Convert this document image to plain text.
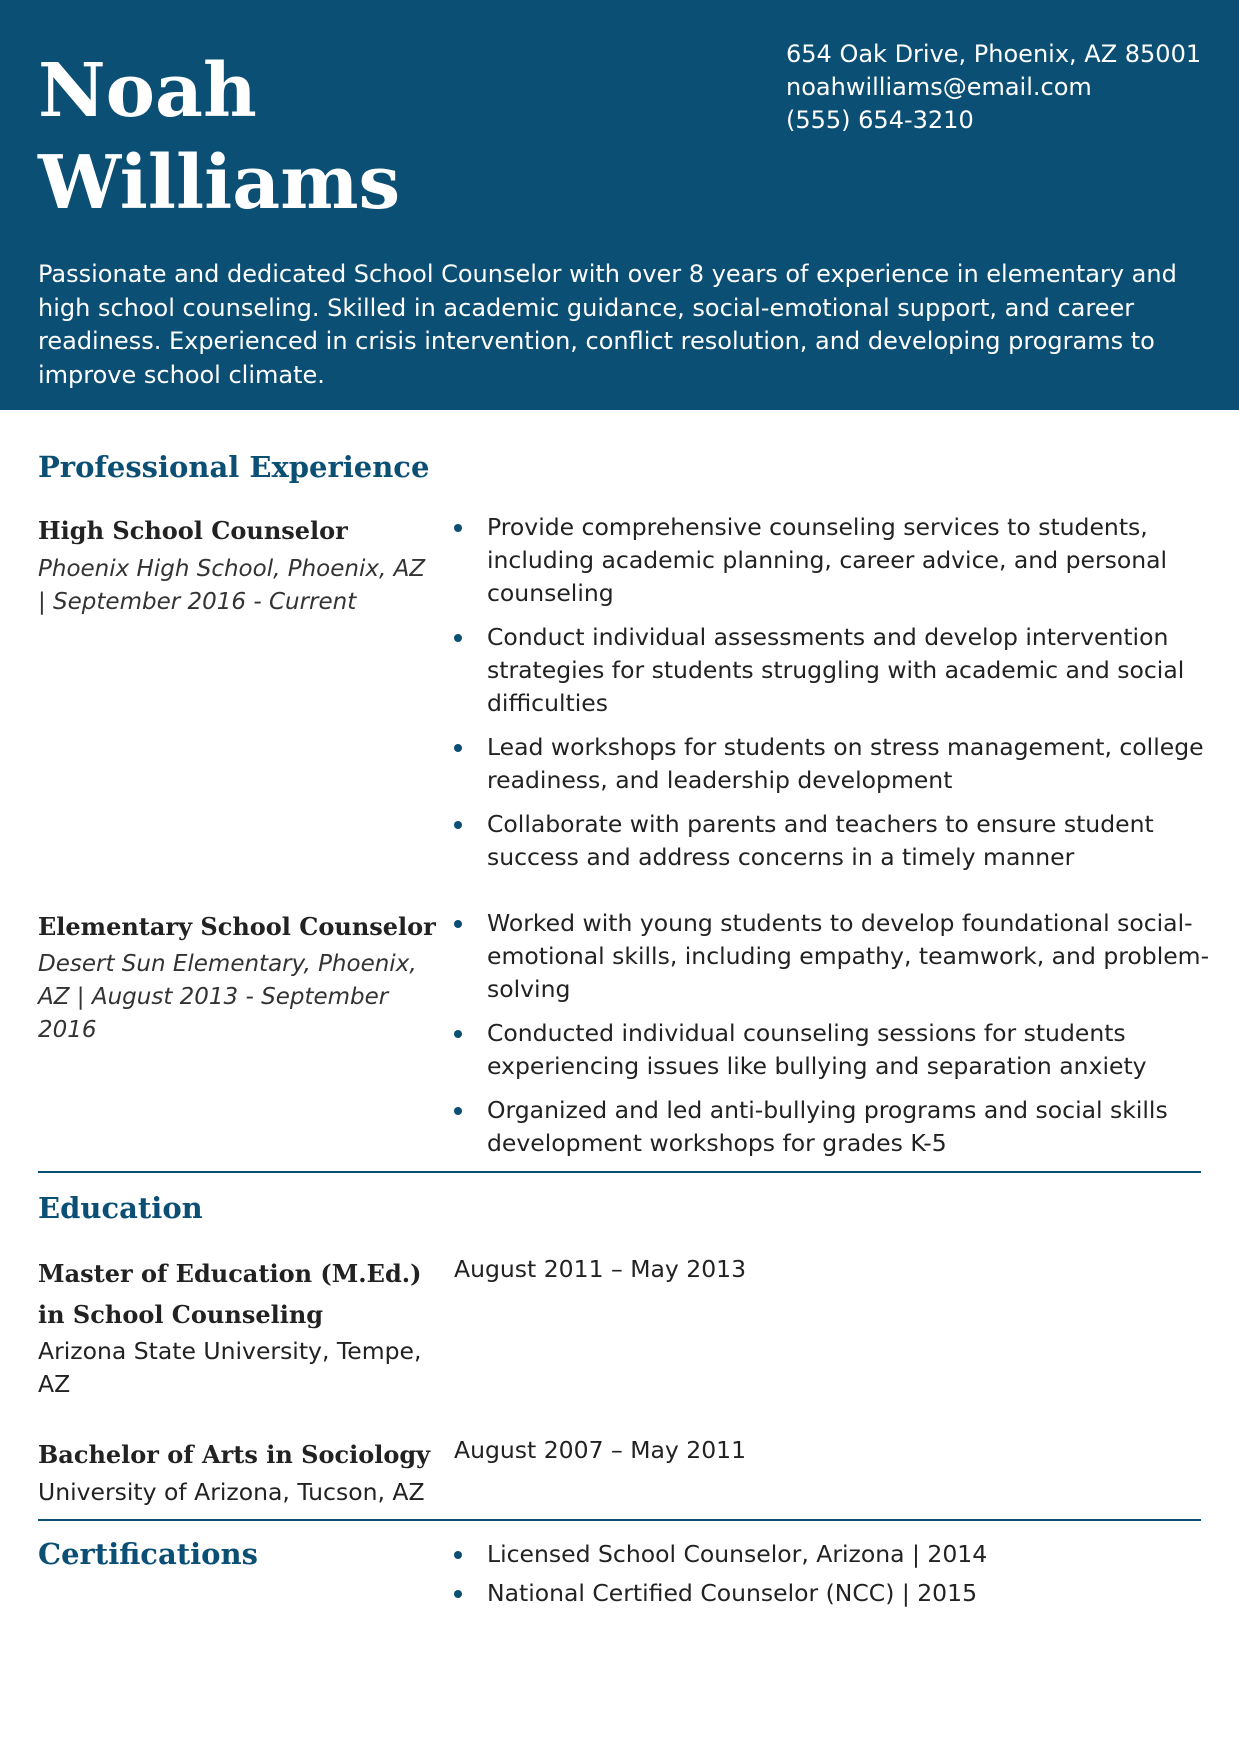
Noah
Williams
654 Oak Drive, Phoenix, AZ 85001
noahwilliams@email.com
(555) 654-3210

Passionate and dedicated School Counselor with over 8 years of experience in elementary and high school counseling. Skilled in academic guidance, social-emotional support, and career readiness. Experienced in crisis intervention, conflict resolution, and developing programs to improve school climate.

Professional Experience
High School Counselor
Phoenix High School, Phoenix, AZ | September 2016 - Current
Provide comprehensive counseling services to students, including academic planning, career advice, and personal counseling
Conduct individual assessments and develop intervention strategies for students struggling with academic and social difficulties
Lead workshops for students on stress management, college readiness, and leadership development
Collaborate with parents and teachers to ensure student success and address concerns in a timely manner
Elementary School Counselor
Desert Sun Elementary, Phoenix, AZ | August 2013 - September 2016
Worked with young students to develop foundational social-emotional skills, including empathy, teamwork, and problem-solving
Conducted individual counseling sessions for students experiencing issues like bullying and separation anxiety
Organized and led anti-bullying programs and social skills development workshops for grades K-5
Education
Master of Education (M.Ed.) in School Counseling
Arizona State University, Tempe, AZ
August 2011 – May 2013
Bachelor of Arts in Sociology
University of Arizona, Tucson, AZ
August 2007 – May 2011
Certifications	Licensed School Counselor, Arizona | 2014
National Certified Counselor (NCC) | 2015
